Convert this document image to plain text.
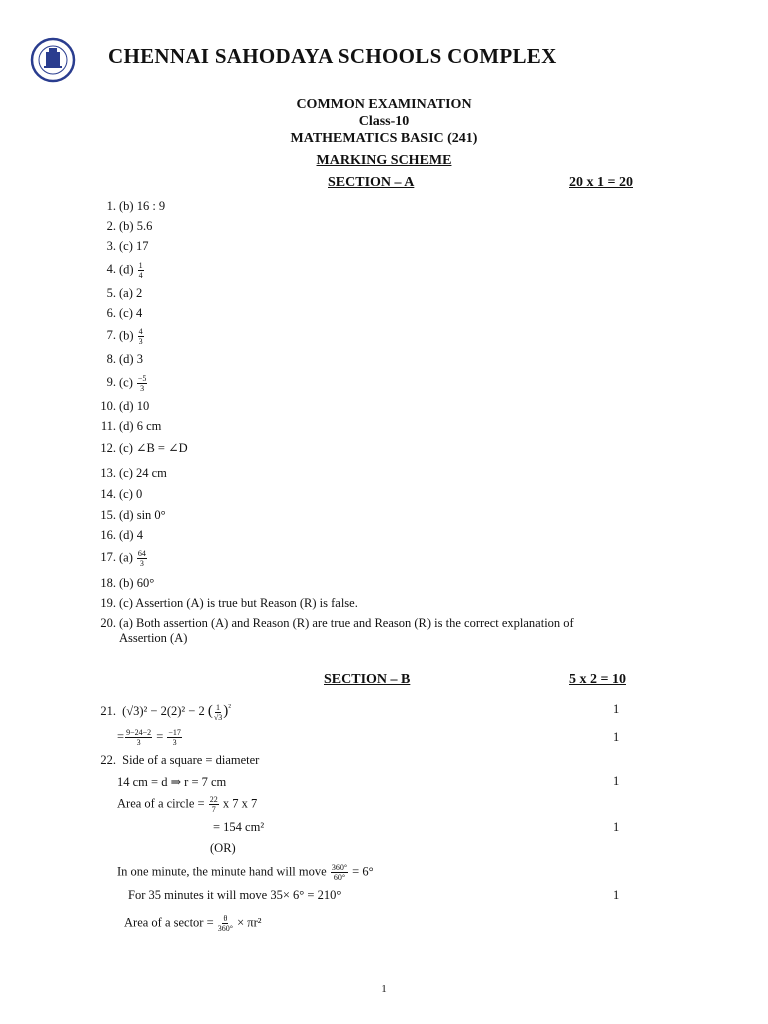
CHENNAI SAHODAYA SCHOOLS COMPLEX
COMMON EXAMINATION
Class-10
MATHEMATICS BASIC (241)
MARKING SCHEME
SECTION – A	20 x 1 = 20
1. (b) 16 : 9
2. (b) 5.6
3. (c) 17
4. $(d) \frac{1}{4}$
5. (a) 2
6. (c) 4
7. $(b) \frac{4}{3}$
8. (d) 3
9. $(c) \frac{-5}{3}$
10. (d) 10
11. (d) 6 cm
12. (c) ∠B = ∠D
13. (c) 24 cm
14. (c) 0
15. (d) sin 0°
16. (d) 4
17. $(a) \frac{64}{3}$
18. (b) 60°
19. (c) Assertion (A) is true but Reason (R) is false.
20. (a) Both assertion (A) and Reason (R) are true and Reason (R) is the correct explanation of
Assertion (A)
SECTION – B	5 x 2 = 10
21. (√3)² − 2(2)² − 2 ( $\frac{1}{√3} )^{^2}$	1
= $\frac{9-24-2}{3} = \frac{-17}{3}$	1
22. Side of a square = diameter
14 cm = d ⇒ r = 7 cm	1
Area of a circle = $\frac{22}{7}$ x 7 x 7
= 154 cm²	1
(OR)
In one minute, the minute hand will move $\frac{360^\circ}{60^\circ} = 6^\circ$
For 35 minutes it will move 35× 6° = 210°	1
Area of a sector = $\frac{\theta}{360^\circ} \times \pi r^2$
1
